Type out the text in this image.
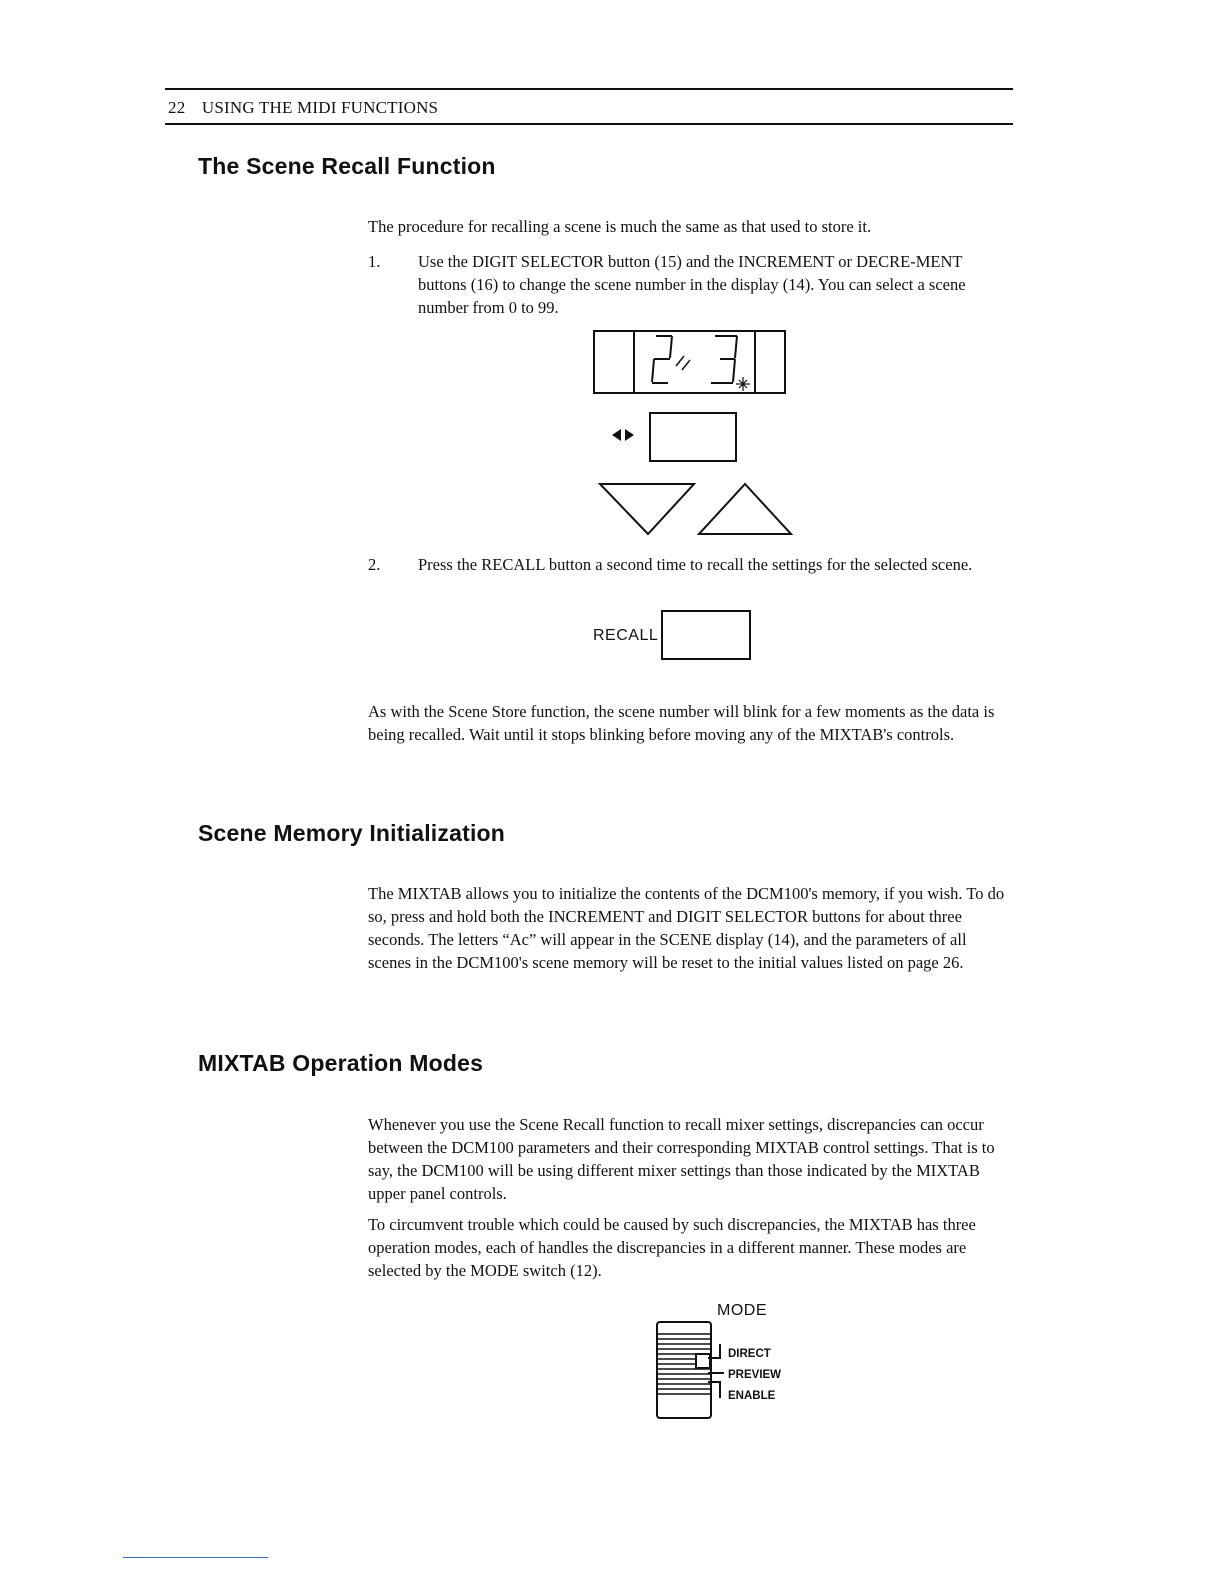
22 USING THE MIDI FUNCTIONS
The Scene Recall Function

The procedure for recalling a scene is much the same as that used to store it.

1. Use the DIGIT SELECTOR button (15) and the INCREMENT or DECRE-MENT buttons (16) to change the scene number in the display (14). You can select a scene number from 0 to 99.
2. Press the RECALL button a second time to recall the settings for the selected scene.
RECALL

As with the Scene Store function, the scene number will blink for a few moments as the data is being recalled. Wait until it stops blinking before moving any of the MIXTAB's controls.

Scene Memory Initialization

The MIXTAB allows you to initialize the contents of the DCM100's memory, if you wish. To do so, press and hold both the INCREMENT and DIGIT SELECTOR buttons for about three seconds. The letters “Ac” will appear in the SCENE display (14), and the parameters of all scenes in the DCM100's scene memory will be reset to the initial values listed on page 26.

MIXTAB Operation Modes

Whenever you use the Scene Recall function to recall mixer settings, discrepancies can occur between the DCM100 parameters and their corresponding MIXTAB control settings. That is to say, the DCM100 will be using different mixer settings than those indicated by the MIXTAB upper panel controls.

To circumvent trouble which could be caused by such discrepancies, the MIXTAB has three operation modes, each of handles the discrepancies in a different manner. These modes are selected by the MODE switch (12).

MODE
DIRECT
PREVIEW
ENABLE
